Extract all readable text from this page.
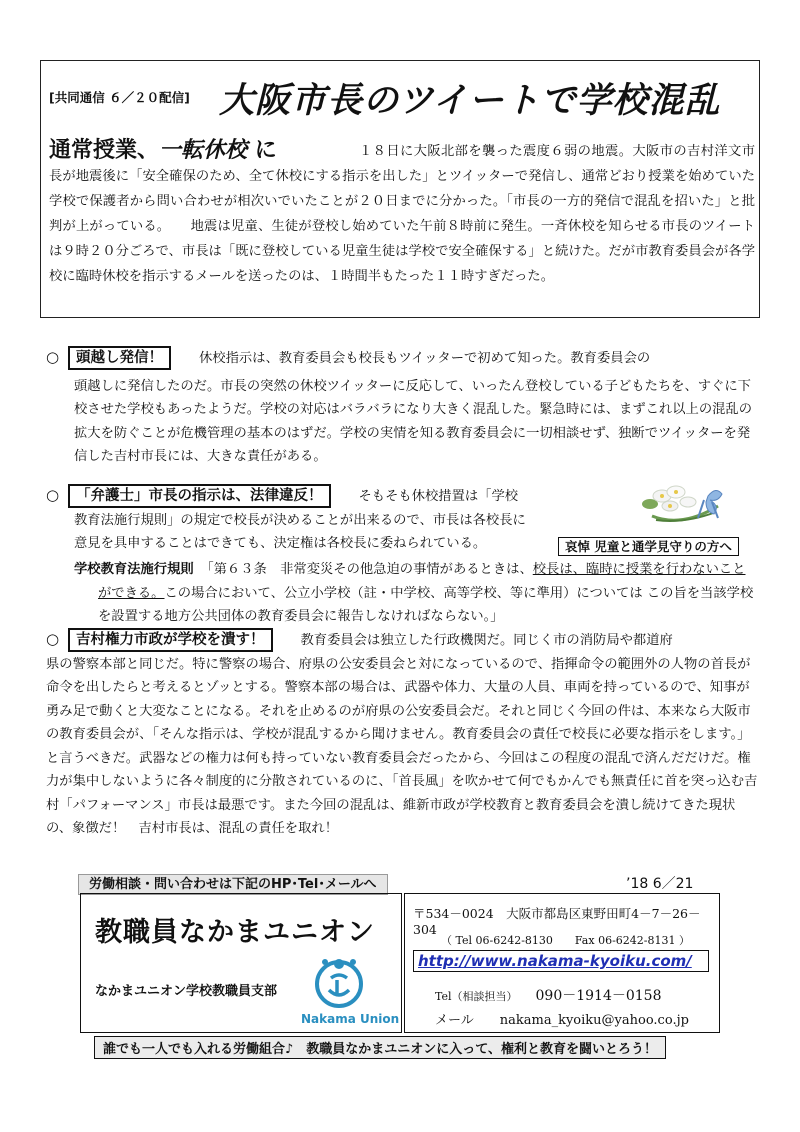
[共同通信 ６／２０配信] 大阪市長のツイートで学校混乱
通常授業、一転休校 に	１８日に大阪北部を襲った震度６弱の地震。大阪市の吉村洋文市長が地震後に「安全確保のため、全て休校にする指示を出した」とツイッターで発信し、通常どおり授業を始めていた学校で保護者から問い合わせが相次いでいたことが２０日までに分かった。「市長の一方的発信で混乱を招いた」と批判が上がっている。　　地震は児童、生徒が登校し始めていた午前８時前に発生。一斉休校を知らせる市長のツイートは９時２０分ごろで、市長は「既に登校している児童生徒は学校で安全確保する」と続けた。だが市教育委員会が各学校に臨時休校を指示するメールを送ったのは、１時間半もたった１１時すぎだった。

○ 頭越し発信！	休校指示は、教育委員会も校長もツイッターで初めて知った。教育委員会の

頭越しに発信したのだ。市長の突然の休校ツイッターに反応して、いったん登校している子どもたちを、すぐに下校させた学校もあったようだ。学校の対応はバラバラになり大きく混乱した。緊急時には、まずこれ以上の混乱の拡大を防ぐことが危機管理の基本のはずだ。学校の実情を知る教育委員会に一切相談せず、独断でツイッターを発信した吉村市長には、大きな責任がある。

○ 「弁護士」市長の指示は、法律違反！	そもそも休校措置は「学校

教育法施行規則」の規定で校長が決めることが出来るので、市長は各校長に

意見を具申することはできても、決定権は各校長に委ねられている。	哀悼 児童と通学見守りの方へ

学校教育法施行規則　 「第６３条　非常変災その他急迫の事情があるときは、校長は、臨時に授業を行わないことができる。この場合において、公立小学校（註・中学校、高等学校、等に準用）については この旨を当該学校を設置する地方公共団体の教育委員会に報告しなければならない。」

○ 吉村権力市政が学校を潰す！	教育委員会は独立した行政機関だ。同じく市の消防局や都道府

県の警察本部と同じだ。特に警察の場合、府県の公安委員会と対になっているので、指揮命令の範囲外の人物の首長が命令を出したらと考えるとゾッとする。警察本部の場合は、武器や体力、大量の人員、車両を持っているので、知事が勇み足で動くと大変なことになる。それを止めるのが府県の公安委員会だ。それと同じく今回の件は、本来なら大阪市の教育委員会が、「そんな指示は、学校が混乱するから聞けません。教育委員会の責任で校長に必要な指示をします。」と言うべきだ。武器などの権力は何も持っていない教育委員会だったから、今回はこの程度の混乱で済んだだけだ。権力が集中しないように各々制度的に分散されているのに、「首長風」を吹かせて何でもかんでも無責任に首を突っ込む吉村「パフォーマンス」市長は最悪です。また今回の混乱は、維新市政が学校教育と教育委員会を潰し続けてきた現状の、象徴だ！　吉村市長は、混乱の責任を取れ！

労働相談・問い合わせは下記のHP･Tel･メールへ	’18 6／21
教職員なかまユニオン
なかまユニオン学校教職員支部
Nakama Union
〒534－0024　大阪市都島区東野田町4－7－26－304
（ Tel 06-6242-8130　　Fax 06-6242-8131 ）
http://www.nakama-kyoiku.com/
Tel（相談担当） 090－1914－0158
メール nakama_kyoiku@yahoo.co.jp
誰でも一人でも入れる労働組合♪　教職員なかまユニオンに入って、権利と教育を闘いとろう！
